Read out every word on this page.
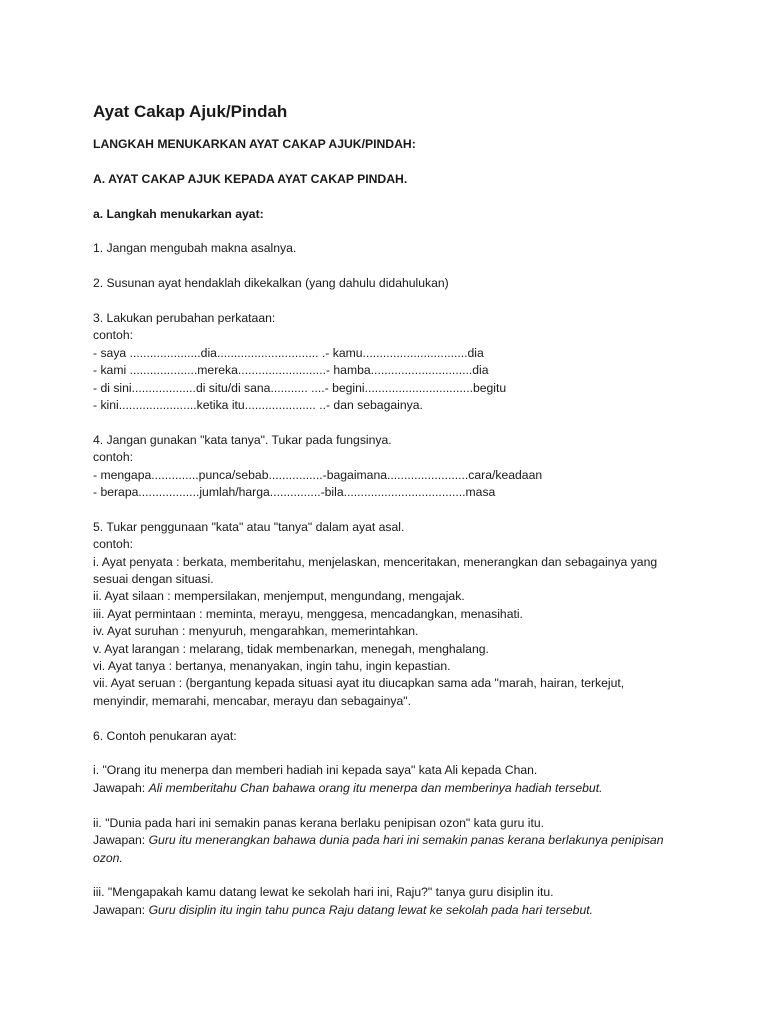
Ayat Cakap Ajuk/Pindah

LANGKAH MENUKARKAN AYAT CAKAP AJUK/PINDAH:

A. AYAT CAKAP AJUK KEPADA AYAT CAKAP PINDAH.

a. Langkah menukarkan ayat:

1. Jangan mengubah makna asalnya.

2. Susunan ayat hendaklah dikekalkan (yang dahulu didahulukan)

3. Lakukan perubahan perkataan:
contoh:
- saya .....................dia.............................. .- kamu...............................dia
- kami ....................mereka..........................- hamba..............................dia
- di sini...................di situ/di sana........... ....- begini................................begitu
- kini.......................ketika itu..................... ..- dan sebagainya.
4. Jangan gunakan "kata tanya". Tukar pada fungsinya.
contoh:
- mengapa..............punca/sebab................-bagaimana........................cara/keadaan
- berapa..................jumlah/harga...............-bila....................................masa
5. Tukar penggunaan "kata" atau "tanya" dalam ayat asal.
contoh:
i. Ayat penyata : berkata, memberitahu, menjelaskan, menceritakan, menerangkan dan sebagainya yang sesuai dengan situasi.
ii. Ayat silaan : mempersilakan, menjemput, mengundang, mengajak.
iii. Ayat permintaan : meminta, merayu, menggesa, mencadangkan, menasihati.
iv. Ayat suruhan : menyuruh, mengarahkan, memerintahkan.
v. Ayat larangan : melarang, tidak membenarkan, menegah, menghalang.
vi. Ayat tanya : bertanya, menanyakan, ingin tahu, ingin kepastian.
vii. Ayat seruan : (bergantung kepada situasi ayat itu diucapkan sama ada "marah, hairan, terkejut, menyindir, memarahi, mencabar, merayu dan sebagainya".

6. Contoh penukaran ayat:

i. "Orang itu menerpa dan memberi hadiah ini kepada saya" kata Ali kepada Chan.
Jawapah: Ali memberitahu Chan bahawa orang itu menerpa dan memberinya hadiah tersebut.
ii. "Dunia pada hari ini semakin panas kerana berlaku penipisan ozon" kata guru itu.
Jawapan: Guru itu menerangkan bahawa dunia pada hari ini semakin panas kerana berlakunya penipisan ozon.
iii. "Mengapakah kamu datang lewat ke sekolah hari ini, Raju?" tanya guru disiplin itu.
Jawapan: Guru disiplin itu ingin tahu punca Raju datang lewat ke sekolah pada hari tersebut.
